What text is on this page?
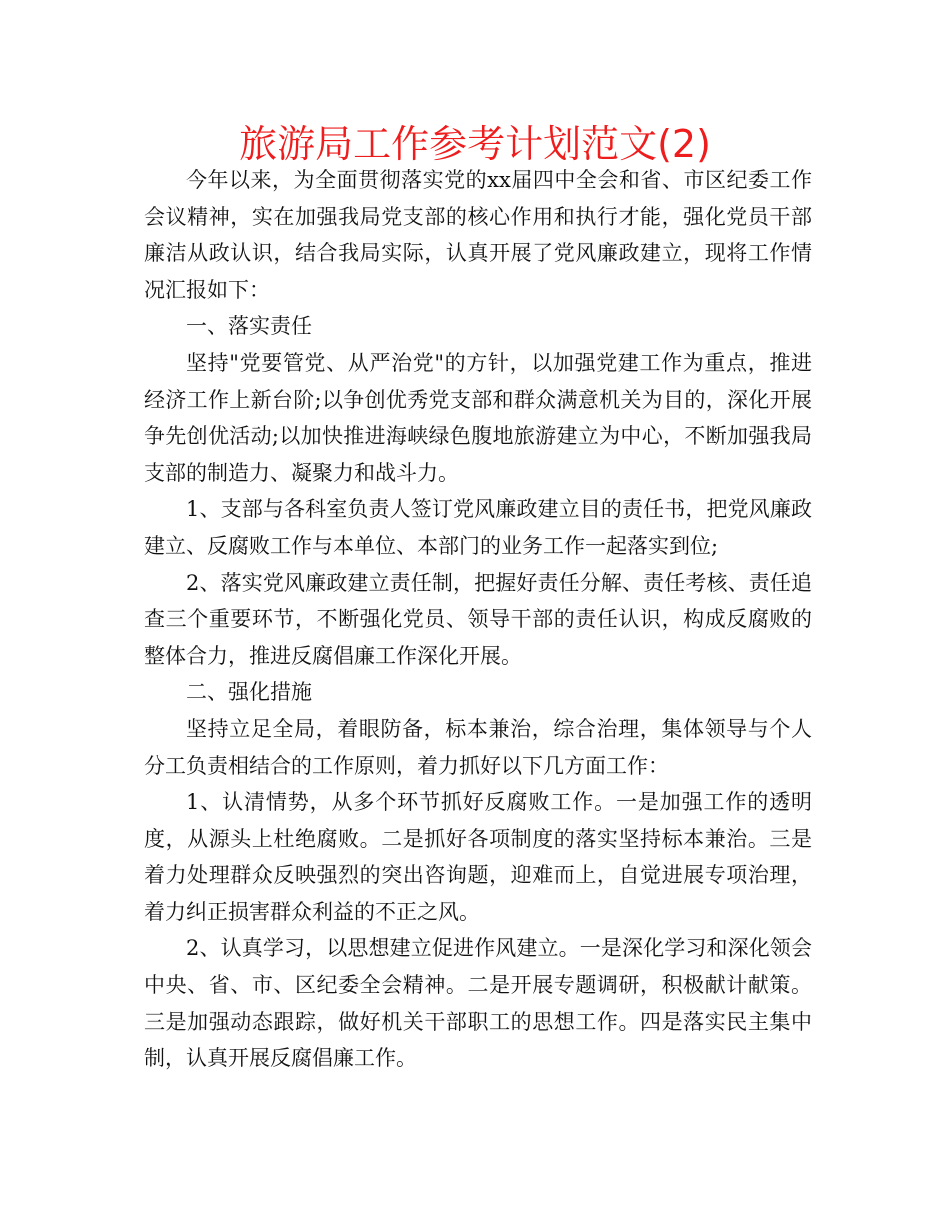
旅游局工作参考计划范文(2)

今年以来，为全面贯彻落实党的xx届四中全会和省、市区纪委工作会议精神，实在加强我局党支部的核心作用和执行才能，强化党员干部廉洁从政认识，结合我局实际，认真开展了党风廉政建立，现将工作情况汇报如下：

一、落实责任

坚持"党要管党、从严治党"的方针，以加强党建工作为重点，推进经济工作上新台阶;以争创优秀党支部和群众满意机关为目的，深化开展争先创优活动;以加快推进海峡绿色腹地旅游建立为中心，不断加强我局支部的制造力、凝聚力和战斗力。

1、支部与各科室负责人签订党风廉政建立目的责任书，把党风廉政建立、反腐败工作与本单位、本部门的业务工作一起落实到位;

2、落实党风廉政建立责任制，把握好责任分解、责任考核、责任追查三个重要环节，不断强化党员、领导干部的责任认识，构成反腐败的整体合力，推进反腐倡廉工作深化开展。

二、强化措施

坚持立足全局，着眼防备，标本兼治，综合治理，集体领导与个人分工负责相结合的工作原则，着力抓好以下几方面工作：

1、认清情势，从多个环节抓好反腐败工作。一是加强工作的透明度，从源头上杜绝腐败。二是抓好各项制度的落实坚持标本兼治。三是着力处理群众反映强烈的突出咨询题，迎难而上，自觉进展专项治理，着力纠正损害群众利益的不正之风。

2、认真学习，以思想建立促进作风建立。一是深化学习和深化领会中央、省、市、区纪委全会精神。二是开展专题调研，积极献计献策。三是加强动态跟踪，做好机关干部职工的思想工作。四是落实民主集中制，认真开展反腐倡廉工作。
